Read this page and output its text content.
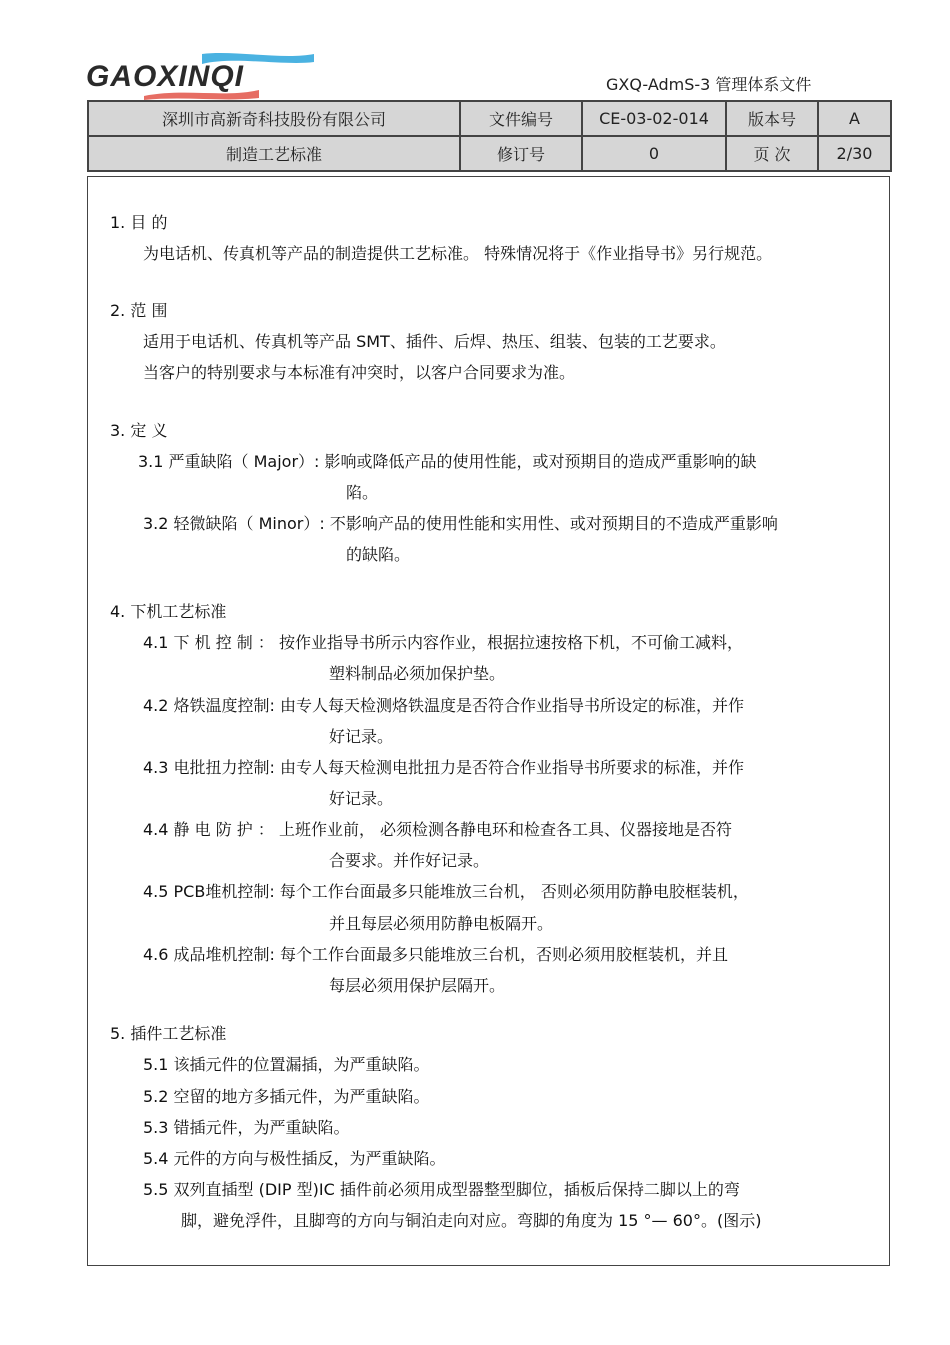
GAOXINQI	GXQ-AdmS-3 管理体系文件
深圳市高新奇科技股份有限公司	文件编号	CE-03-02-014	版本号	A
制造工艺标准	修订号	0	页 次	2/30
1. 目 的
为电话机、传真机等产品的制造提供工艺标准。 特殊情况将于《作业指导书》另行规范。
2. 范 围
适用于电话机、传真机等产品 SMT、插件、后焊、热压、组装、包装的工艺要求。
当客户的特别要求与本标准有冲突时，以客户合同要求为准。
3. 定 义
3.1 严重缺陷（ Major）: 影响或降低产品的使用性能，或对预期目的造成严重影响的缺
陷。
3.2 轻微缺陷（ Minor）: 不影响产品的使用性能和实用性、或对预期目的不造成严重影响
的缺陷。
4. 下机工艺标准
4.1 下 机 控 制 ： 按作业指导书所示内容作业，根据拉速按格下机，不可偷工减料，
塑料制品必须加保护垫。
4.2 烙铁温度控制: 由专人每天检测烙铁温度是否符合作业指导书所设定的标准，并作
好记录。
4.3 电批扭力控制: 由专人每天检测电批扭力是否符合作业指导书所要求的标准，并作
好记录。
4.4 静 电 防 护 ： 上班作业前， 必须检测各静电环和检查各工具、仪器接地是否符
合要求。并作好记录。
4.5 PCB堆机控制: 每个工作台面最多只能堆放三台机， 否则必须用防静电胶框装机，
并且每层必须用防静电板隔开。
4.6 成品堆机控制: 每个工作台面最多只能堆放三台机，否则必须用胶框装机，并且
每层必须用保护层隔开。
5. 插件工艺标准
5.1 该插元件的位置漏插，为严重缺陷。
5.2 空留的地方多插元件，为严重缺陷。
5.3 错插元件，为严重缺陷。
5.4 元件的方向与极性插反，为严重缺陷。
5.5 双列直插型 (DIP 型)IC 插件前必须用成型器整型脚位，插板后保持二脚以上的弯
脚，避免浮件，且脚弯的方向与铜泊走向对应。弯脚的角度为 15 °— 60°。(图示)
